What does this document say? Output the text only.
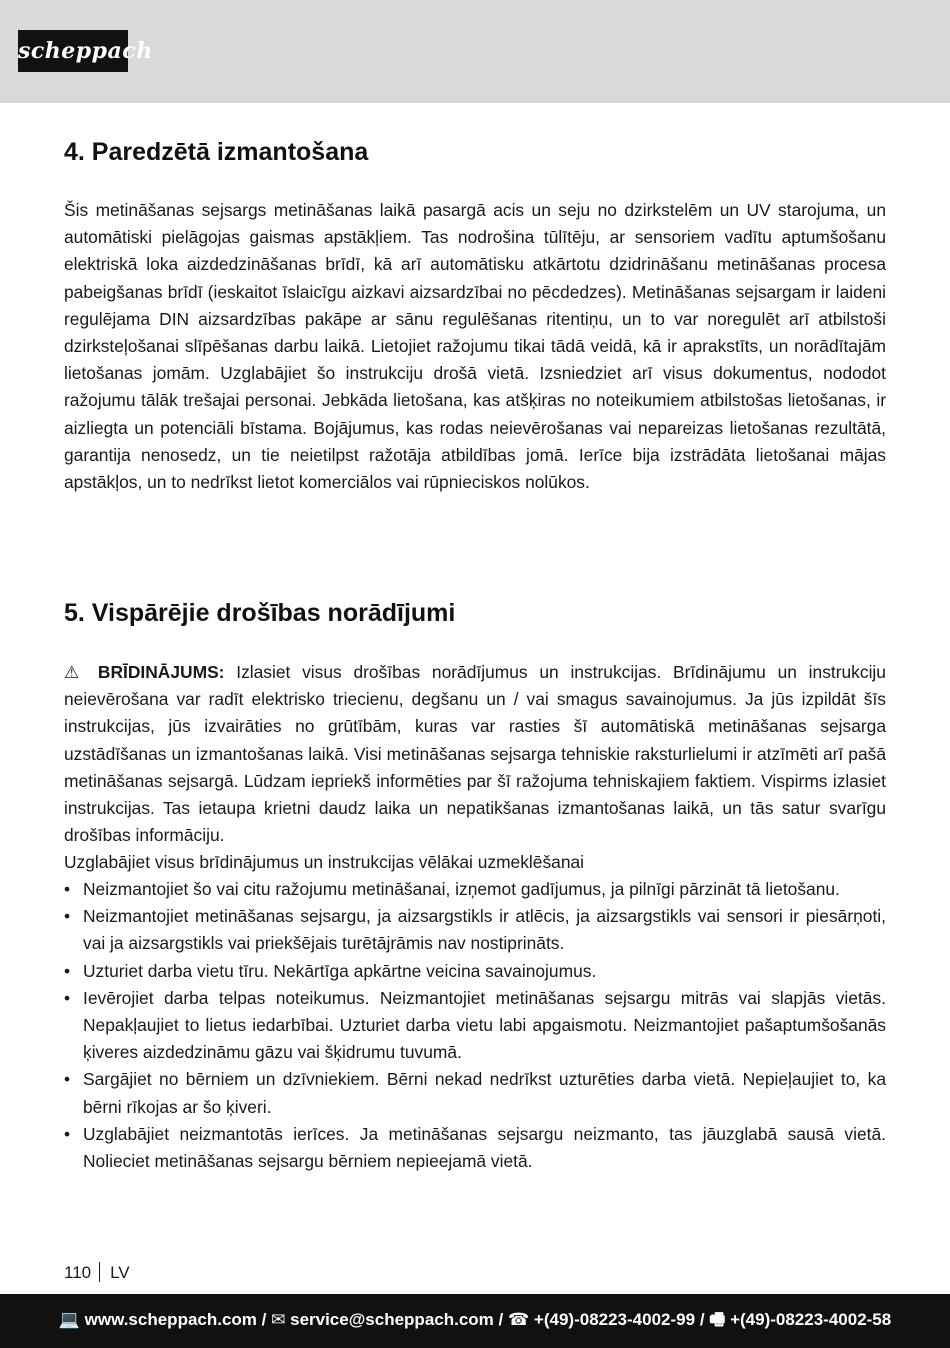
scheppach
4. Paredzētā izmantošana

Šis metināšanas sejsargs metināšanas laikā pasargā acis un seju no dzirkstelēm un UV starojuma, un automātiski pielāgojas gaismas apstākļiem. Tas nodrošina tūlītēju, ar sensoriem vadītu aptumšošanu elektriskā loka aizdedzināšanas brīdī, kā arī automātisku atkārtotu dzidrināšanu metināšanas procesa pabeigšanas brīdī (ieskaitot īslaicīgu aizkavi aizsardzībai no pēcdedzes). Metināšanas sejsargam ir laideni regulējama DIN aizsardzības pakāpe ar sānu regulēšanas ritentiņu, un to var noregulēt arī atbilstoši dzirksteļošanai slīpēšanas darbu laikā. Lietojiet ražojumu tikai tādā veidā, kā ir aprakstīts, un norādītajām lietošanas jomām. Uzglabājiet šo instrukciju drošā vietā. Izsniedziet arī visus dokumentus, nododot ražojumu tālāk trešajai personai. Jebkāda lietošana, kas atšķiras no noteikumiem atbilstošas lietošanas, ir aizliegta un potenciāli bīstama. Bojājumus, kas rodas neievērošanas vai nepareizas lietošanas rezultātā, garantija nenosedz, un tie neietilpst ražotāja atbildības jomā. Ierīce bija izstrādāta lietošanai mājas apstākļos, un to nedrīkst lietot komerciālos vai rūpnieciskos nolūkos.

5. Vispārējie drošības norādījumi

⚠ BRĪDINĀJUMS: Izlasiet visus drošības norādījumus un instrukcijas. Brīdinājumu un instrukciju neievērošana var radīt elektrisko triecienu, degšanu un / vai smagus savainojumus. Ja jūs izpildāt šīs instrukcijas, jūs izvairāties no grūtībām, kuras var rasties šī automātiskā metināšanas sejsarga uzstādīšanas un izmantošanas laikā. Visi metināšanas sejsarga tehniskie raksturlielumi ir atzīmēti arī pašā metināšanas sejsargā. Lūdzam iepriekš informēties par šī ražojuma tehniskajiem faktiem. Vispirms izlasiet instrukcijas. Tas ietaupa krietni daudz laika un nepatikšanas izmantošanas laikā, un tās satur svarīgu drošības informāciju.

Uzglabājiet visus brīdinājumus un instrukcijas vēlākai uzmeklēšanai

• Neizmantojiet šo vai citu ražojumu metināšanai, izņemot gadījumus, ja pilnīgi pārzināt tā lietošanu.
• Neizmantojiet metināšanas sejsargu, ja aizsargstikls ir atlēcis, ja aizsargstikls vai sensori ir piesārņoti, vai ja aizsargstikls vai priekšējais turētājrāmis nav nostiprināts.
• Uzturiet darba vietu tīru. Nekārtīga apkārtne veicina savainojumus.
• Ievērojiet darba telpas noteikumus. Neizmantojiet metināšanas sejsargu mitrās vai slapjās vietās. Nepakļaujiet to lietus iedarbībai. Uzturiet darba vietu labi apgaismotu. Neizmantojiet pašaptumšošanās ķiveres aizdedzināmu gāzu vai šķidrumu tuvumā.
• Sargājiet no bērniem un dzīvniekiem. Bērni nekad nedrīkst uzturēties darba vietā. Nepieļaujiet to, ka bērni rīkojas ar šo ķiveri.
• Uzglabājiet neizmantotās ierīces. Ja metināšanas sejsargu neizmanto, tas jāuzglabā sausā vietā. Nolieciet metināšanas sejsargu bērniem nepieejamā vietā.
110 LV
💻 www.scheppach.com / ✉ service@scheppach.com / ☎ +(49)-08223-4002-99 / 🖷 +(49)-08223-4002-58
